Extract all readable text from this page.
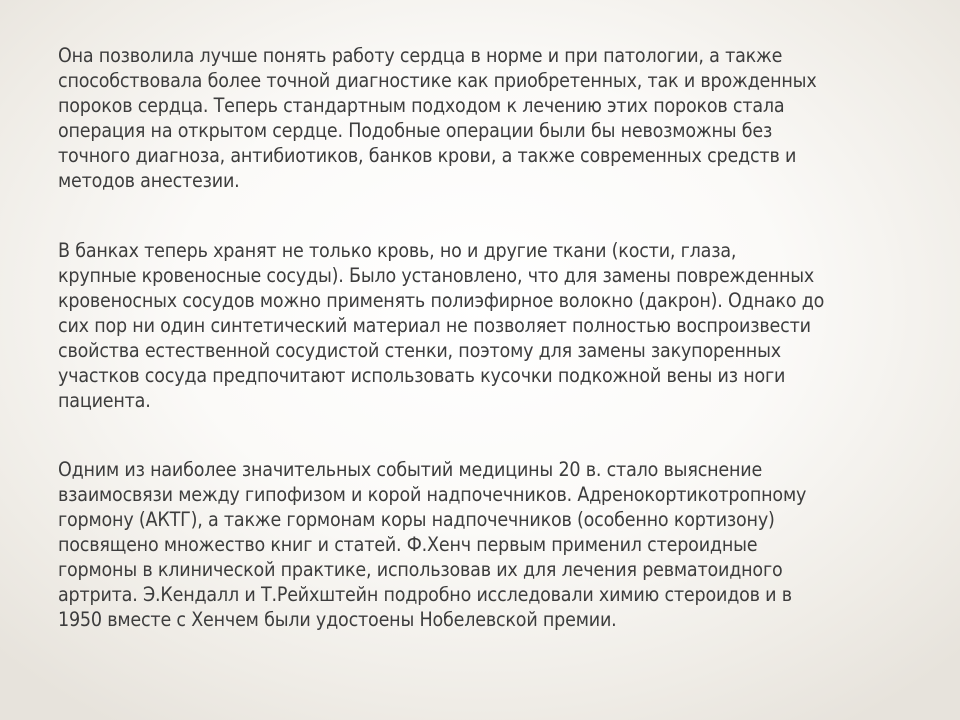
Она позволила лучше понять работу сердца в норме и при патологии, а также
способствовала более точной диагностике как приобретенных, так и врожденных
пороков сердца. Теперь стандартным подходом к лечению этих пороков стала
операция на открытом сердце. Подобные операции были бы невозможны без
точного диагноза, антибиотиков, банков крови, а также современных средств и
методов анестезии.

В банках теперь хранят не только кровь, но и другие ткани (кости, глаза,
крупные кровеносные сосуды). Было установлено, что для замены поврежденных
кровеносных сосудов можно применять полиэфирное волокно (дакрон). Однако до
сих пор ни один синтетический материал не позволяет полностью воспроизвести
свойства естественной сосудистой стенки, поэтому для замены закупоренных
участков сосуда предпочитают использовать кусочки подкожной вены из ноги
пациента.

Одним из наиболее значительных событий медицины 20 в. стало выяснение
взаимосвязи между гипофизом и корой надпочечников. Адренокортикотропному
гормону (АКТГ), а также гормонам коры надпочечников (особенно кортизону)
посвящено множество книг и статей. Ф.Хенч первым применил стероидные
гормоны в клинической практике, использовав их для лечения ревматоидного
артрита. Э.Кендалл и Т.Рейхштейн подробно исследовали химию стероидов и в
1950 вместе с Хенчем были удостоены Нобелевской премии.
